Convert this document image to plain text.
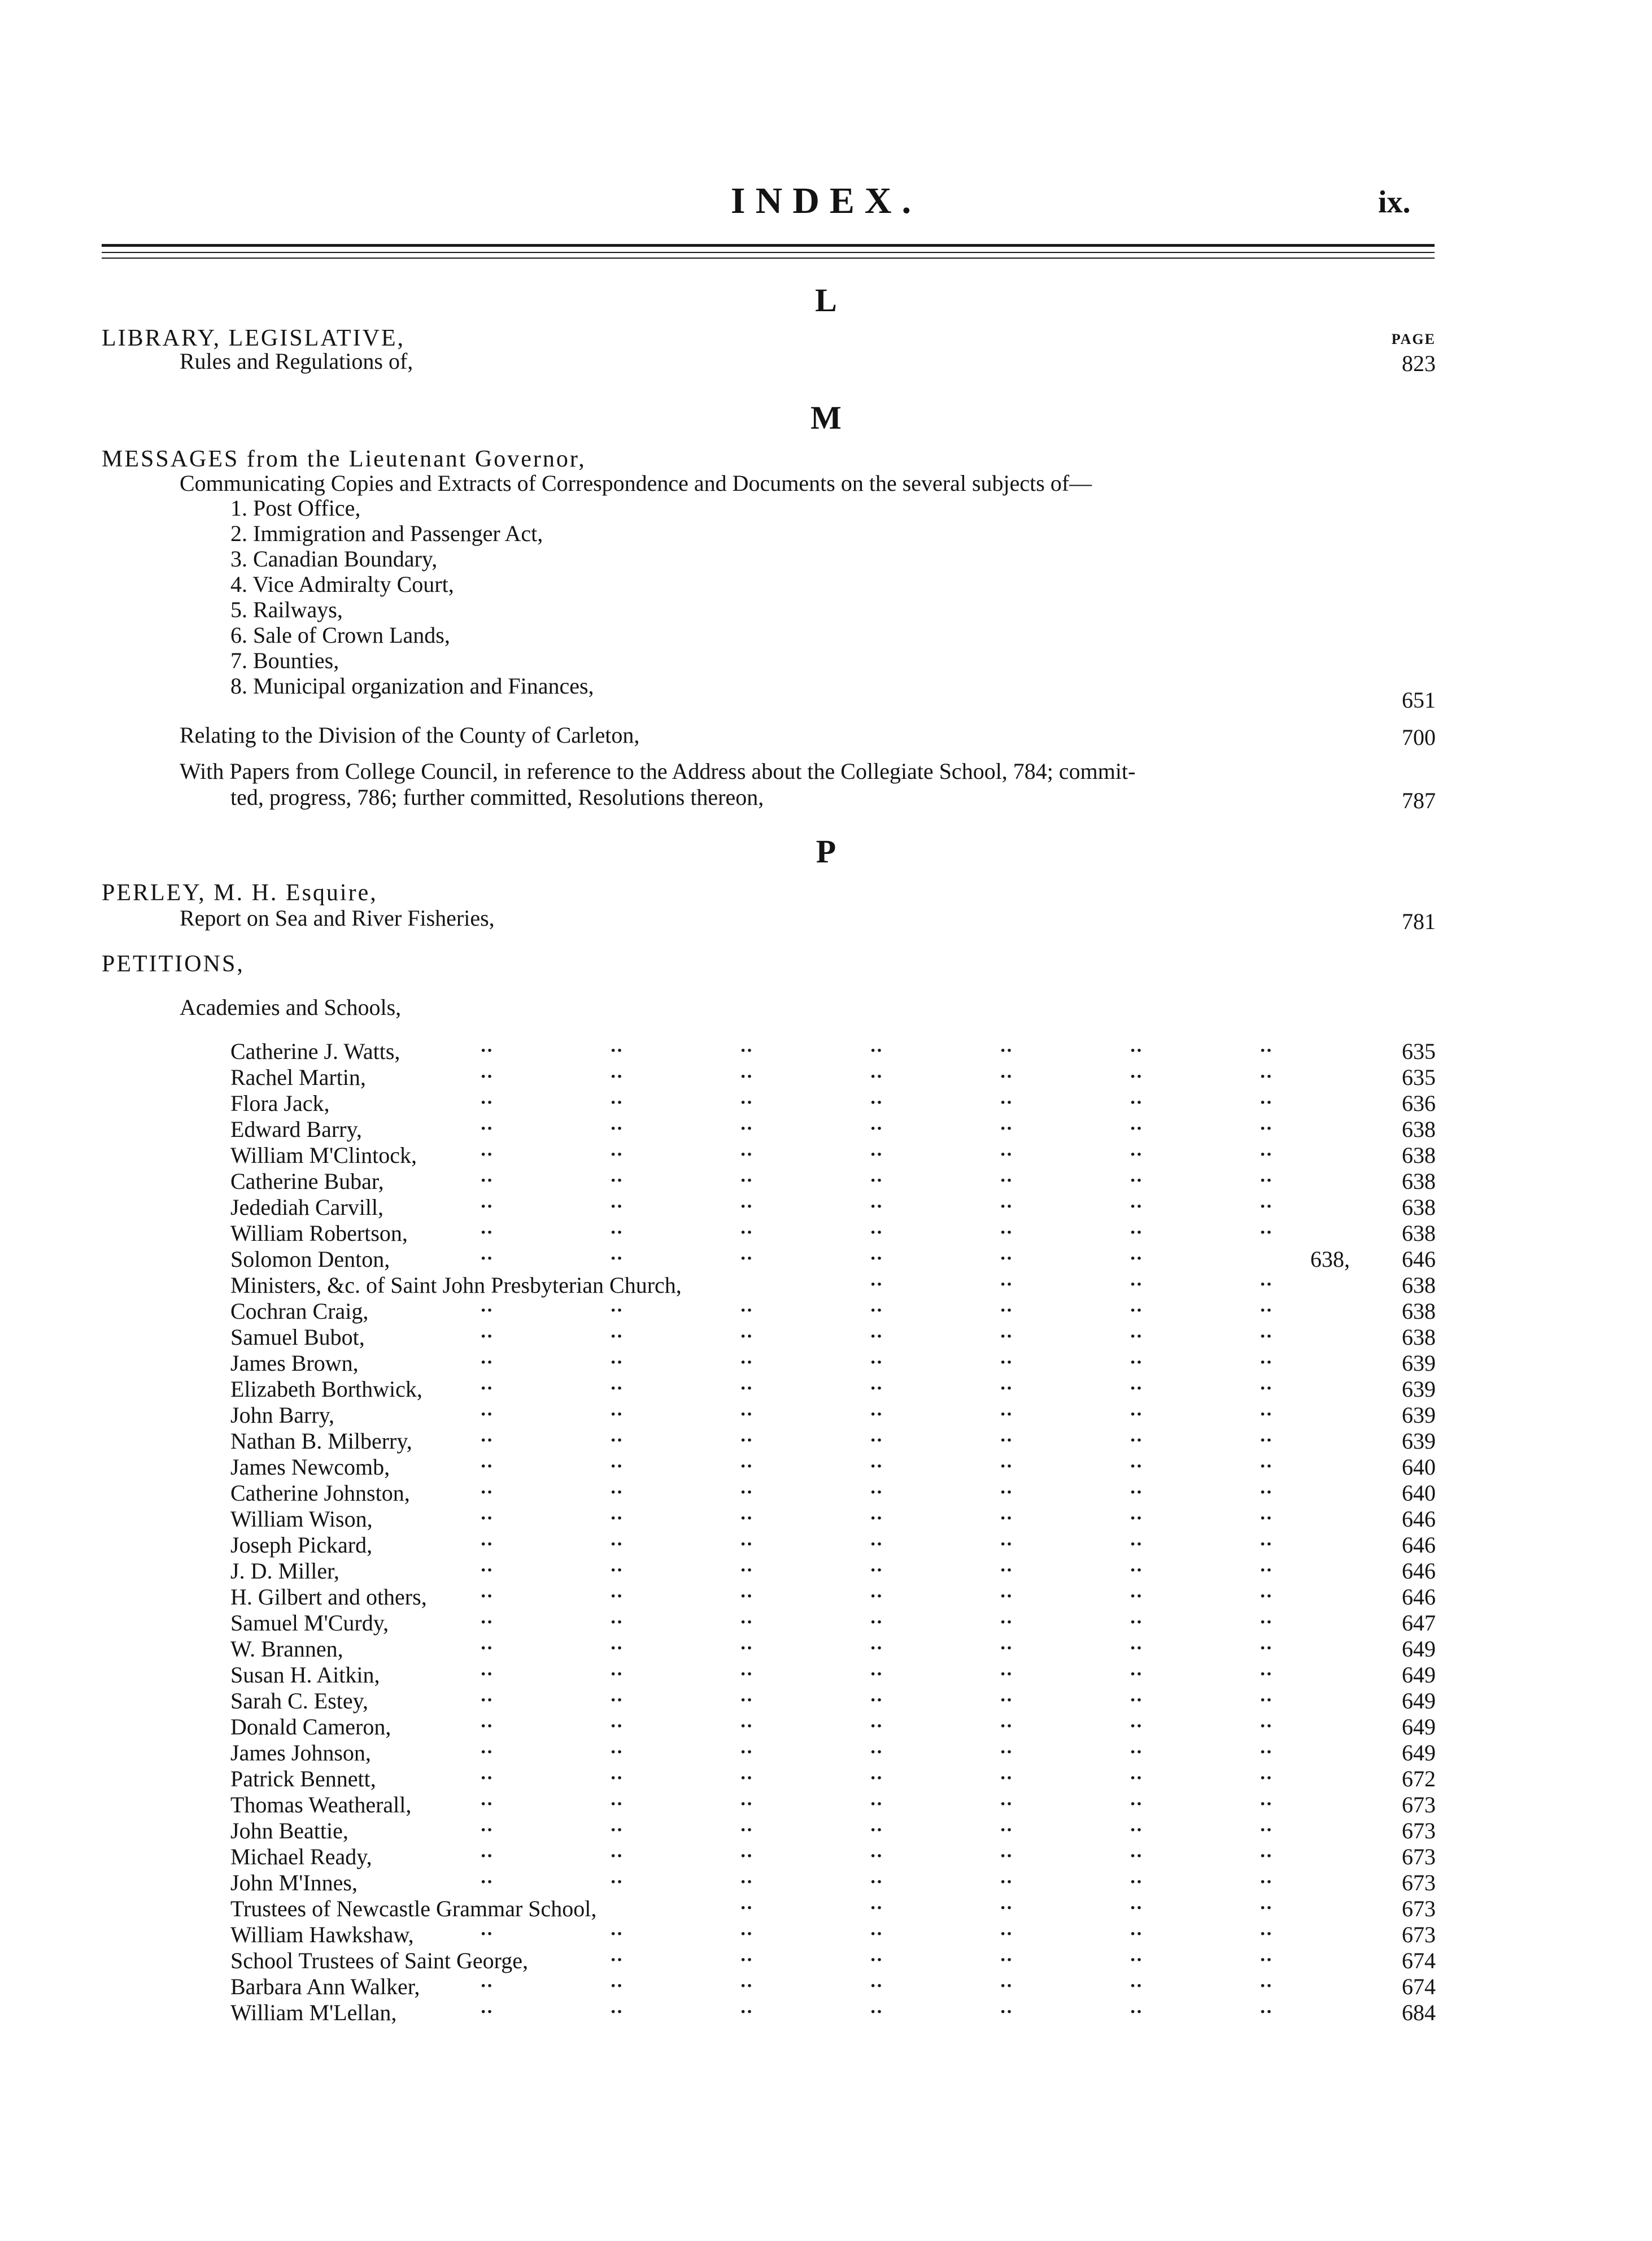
INDEX.	ix.
L
LIBRARY, LEGISLATIVE,	PAGE
Rules and Regulations of,	823
M
MESSAGES from the Lieutenant Governor,
Communicating Copies and Extracts of Correspondence and Documents on the several subjects of—
1. Post Office,
2. Immigration and Passenger Act,
3. Canadian Boundary,
4. Vice Admiralty Court,
5. Railways,
6. Sale of Crown Lands,
7. Bounties,
8. Municipal organization and Finances,
651
Relating to the Division of the County of Carleton,	700
With Papers from College Council, in reference to the Address about the Collegiate School, 784; commit-
ted, progress, 786; further committed, Resolutions thereon,	787
P
PERLEY, M. H. Esquire,
Report on Sea and River Fisheries,	781
PETITIONS,
Academies and Schools,
Catherine J. Watts,	··	··	··	··	··	··	··	635
Rachel Martin,	··	··	··	··	··	··	··	635
Flora Jack,	··	··	··	··	··	··	··	636
Edward Barry,	··	··	··	··	··	··	··	638
William M'Clintock,	··	··	··	··	··	··	··	638
Catherine Bubar,	··	··	··	··	··	··	··	638
Jedediah Carvill,	··	··	··	··	··	··	··	638
William Robertson,	··	··	··	··	··	··	··	638
Solomon Denton,	··	··	··	··	··	··	638,	646
Ministers, &c. of Saint John Presbyterian Church,	··	··	··	··	638
Cochran Craig,	··	··	··	··	··	··	··	638
Samuel Bubot,	··	··	··	··	··	··	··	638
James Brown,	··	··	··	··	··	··	··	639
Elizabeth Borthwick,	··	··	··	··	··	··	··	639
John Barry,	··	··	··	··	··	··	··	639
Nathan B. Milberry,	··	··	··	··	··	··	··	639
James Newcomb,	··	··	··	··	··	··	··	640
Catherine Johnston,	··	··	··	··	··	··	··	640
William Wison,	··	··	··	··	··	··	··	646
Joseph Pickard,	··	··	··	··	··	··	··	646
J. D. Miller,	··	··	··	··	··	··	··	646
H. Gilbert and others,	··	··	··	··	··	··	··	646
Samuel M'Curdy,	··	··	··	··	··	··	··	647
W. Brannen,	··	··	··	··	··	··	··	649
Susan H. Aitkin,	··	··	··	··	··	··	··	649
Sarah C. Estey,	··	··	··	··	··	··	··	649
Donald Cameron,	··	··	··	··	··	··	··	649
James Johnson,	··	··	··	··	··	··	··	649
Patrick Bennett,	··	··	··	··	··	··	··	672
Thomas Weatherall,	··	··	··	··	··	··	··	673
John Beattie,	··	··	··	··	··	··	··	673
Michael Ready,	··	··	··	··	··	··	··	673
John M'Innes,	··	··	··	··	··	··	··	673
Trustees of Newcastle Grammar School,	··	··	··	··	··	673
William Hawkshaw,	··	··	··	··	··	··	··	673
School Trustees of Saint George,	··	··	··	··	··	··	674
Barbara Ann Walker,	··	··	··	··	··	··	··	674
William M'Lellan,	··	··	··	··	··	··	··	684
